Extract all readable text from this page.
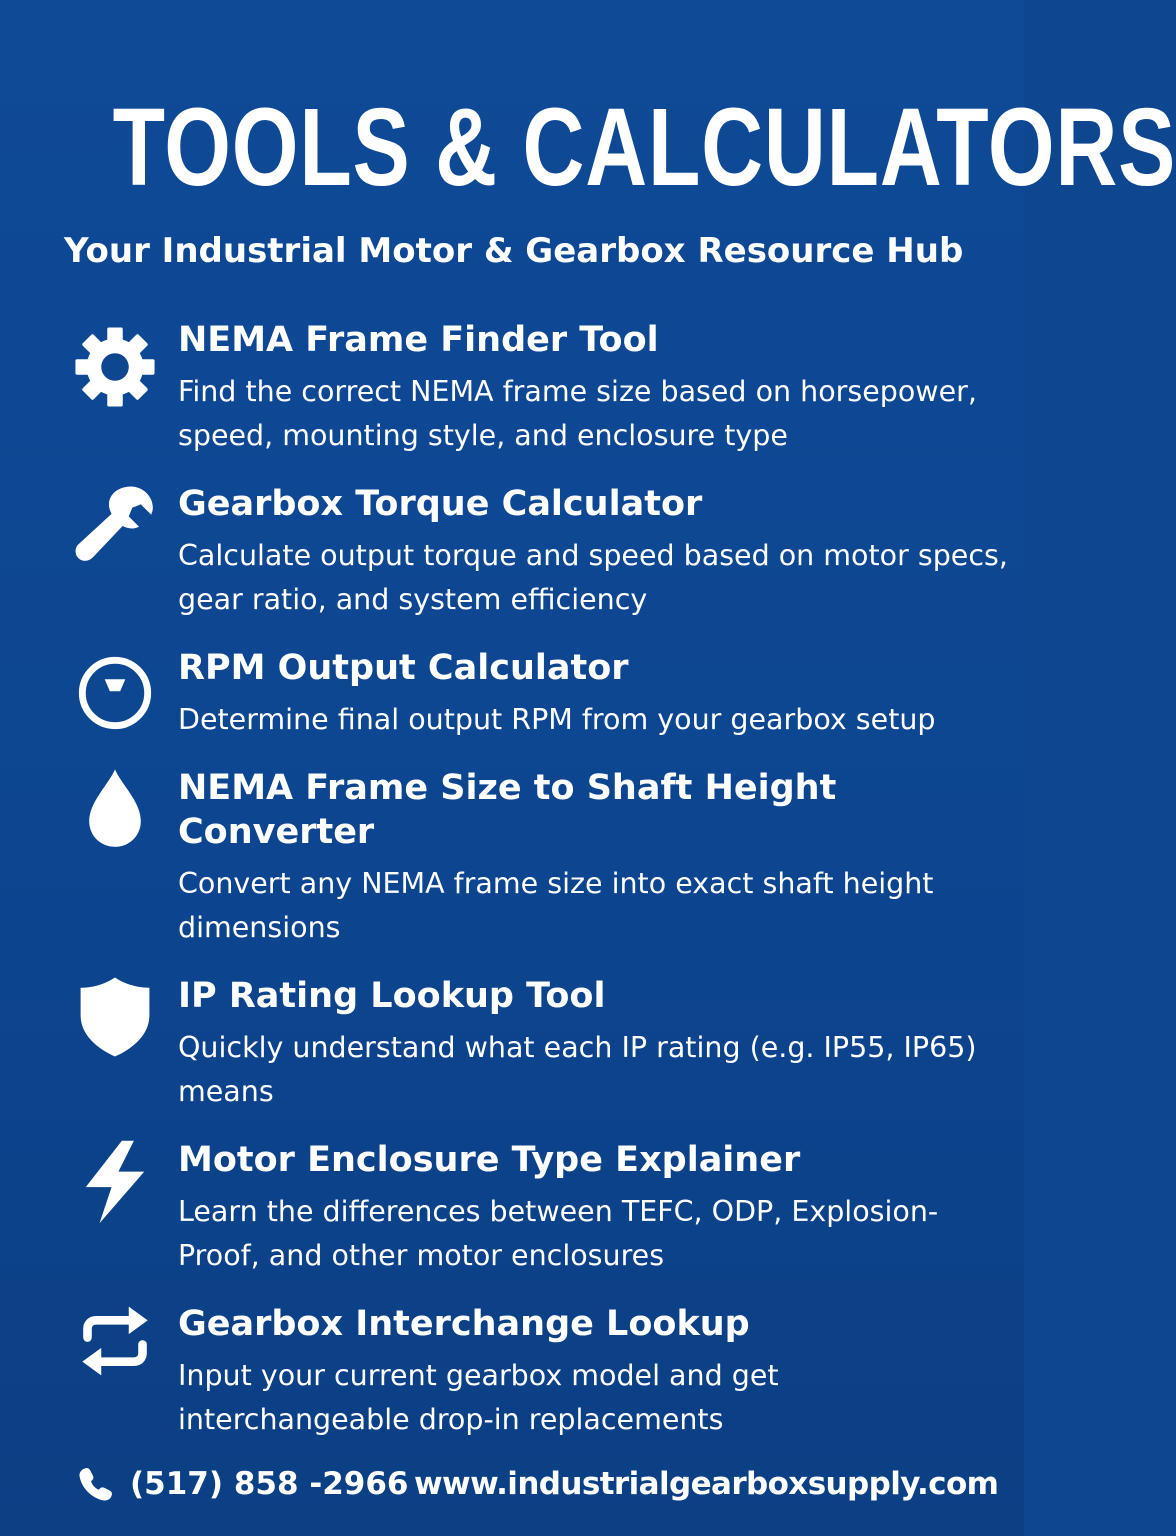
TOOLS & CALCULATORS
Your Industrial Motor & Gearbox Resource Hub
NEMA Frame Finder Tool

Find the correct NEMA frame size based on horsepower, speed, mounting style, and enclosure type

Gearbox Torque Calculator

Calculate output torque and speed based on motor specs, gear ratio, and system efficiency

RPM Output Calculator

Determine final output RPM from your gearbox setup

NEMA Frame Size to Shaft Height Converter

Convert any NEMA frame size into exact shaft height dimensions

IP Rating Lookup Tool

Quickly understand what each IP rating (e.g. IP55, IP65) means

Motor Enclosure Type Explainer

Learn the differences between TEFC, ODP, Explosion-Proof, and other motor enclosures

Gearbox Interchange Lookup

Input your current gearbox model and get interchangeable drop-in replacements

(517) 858 -2966 www.industrialgearboxsupply.com
